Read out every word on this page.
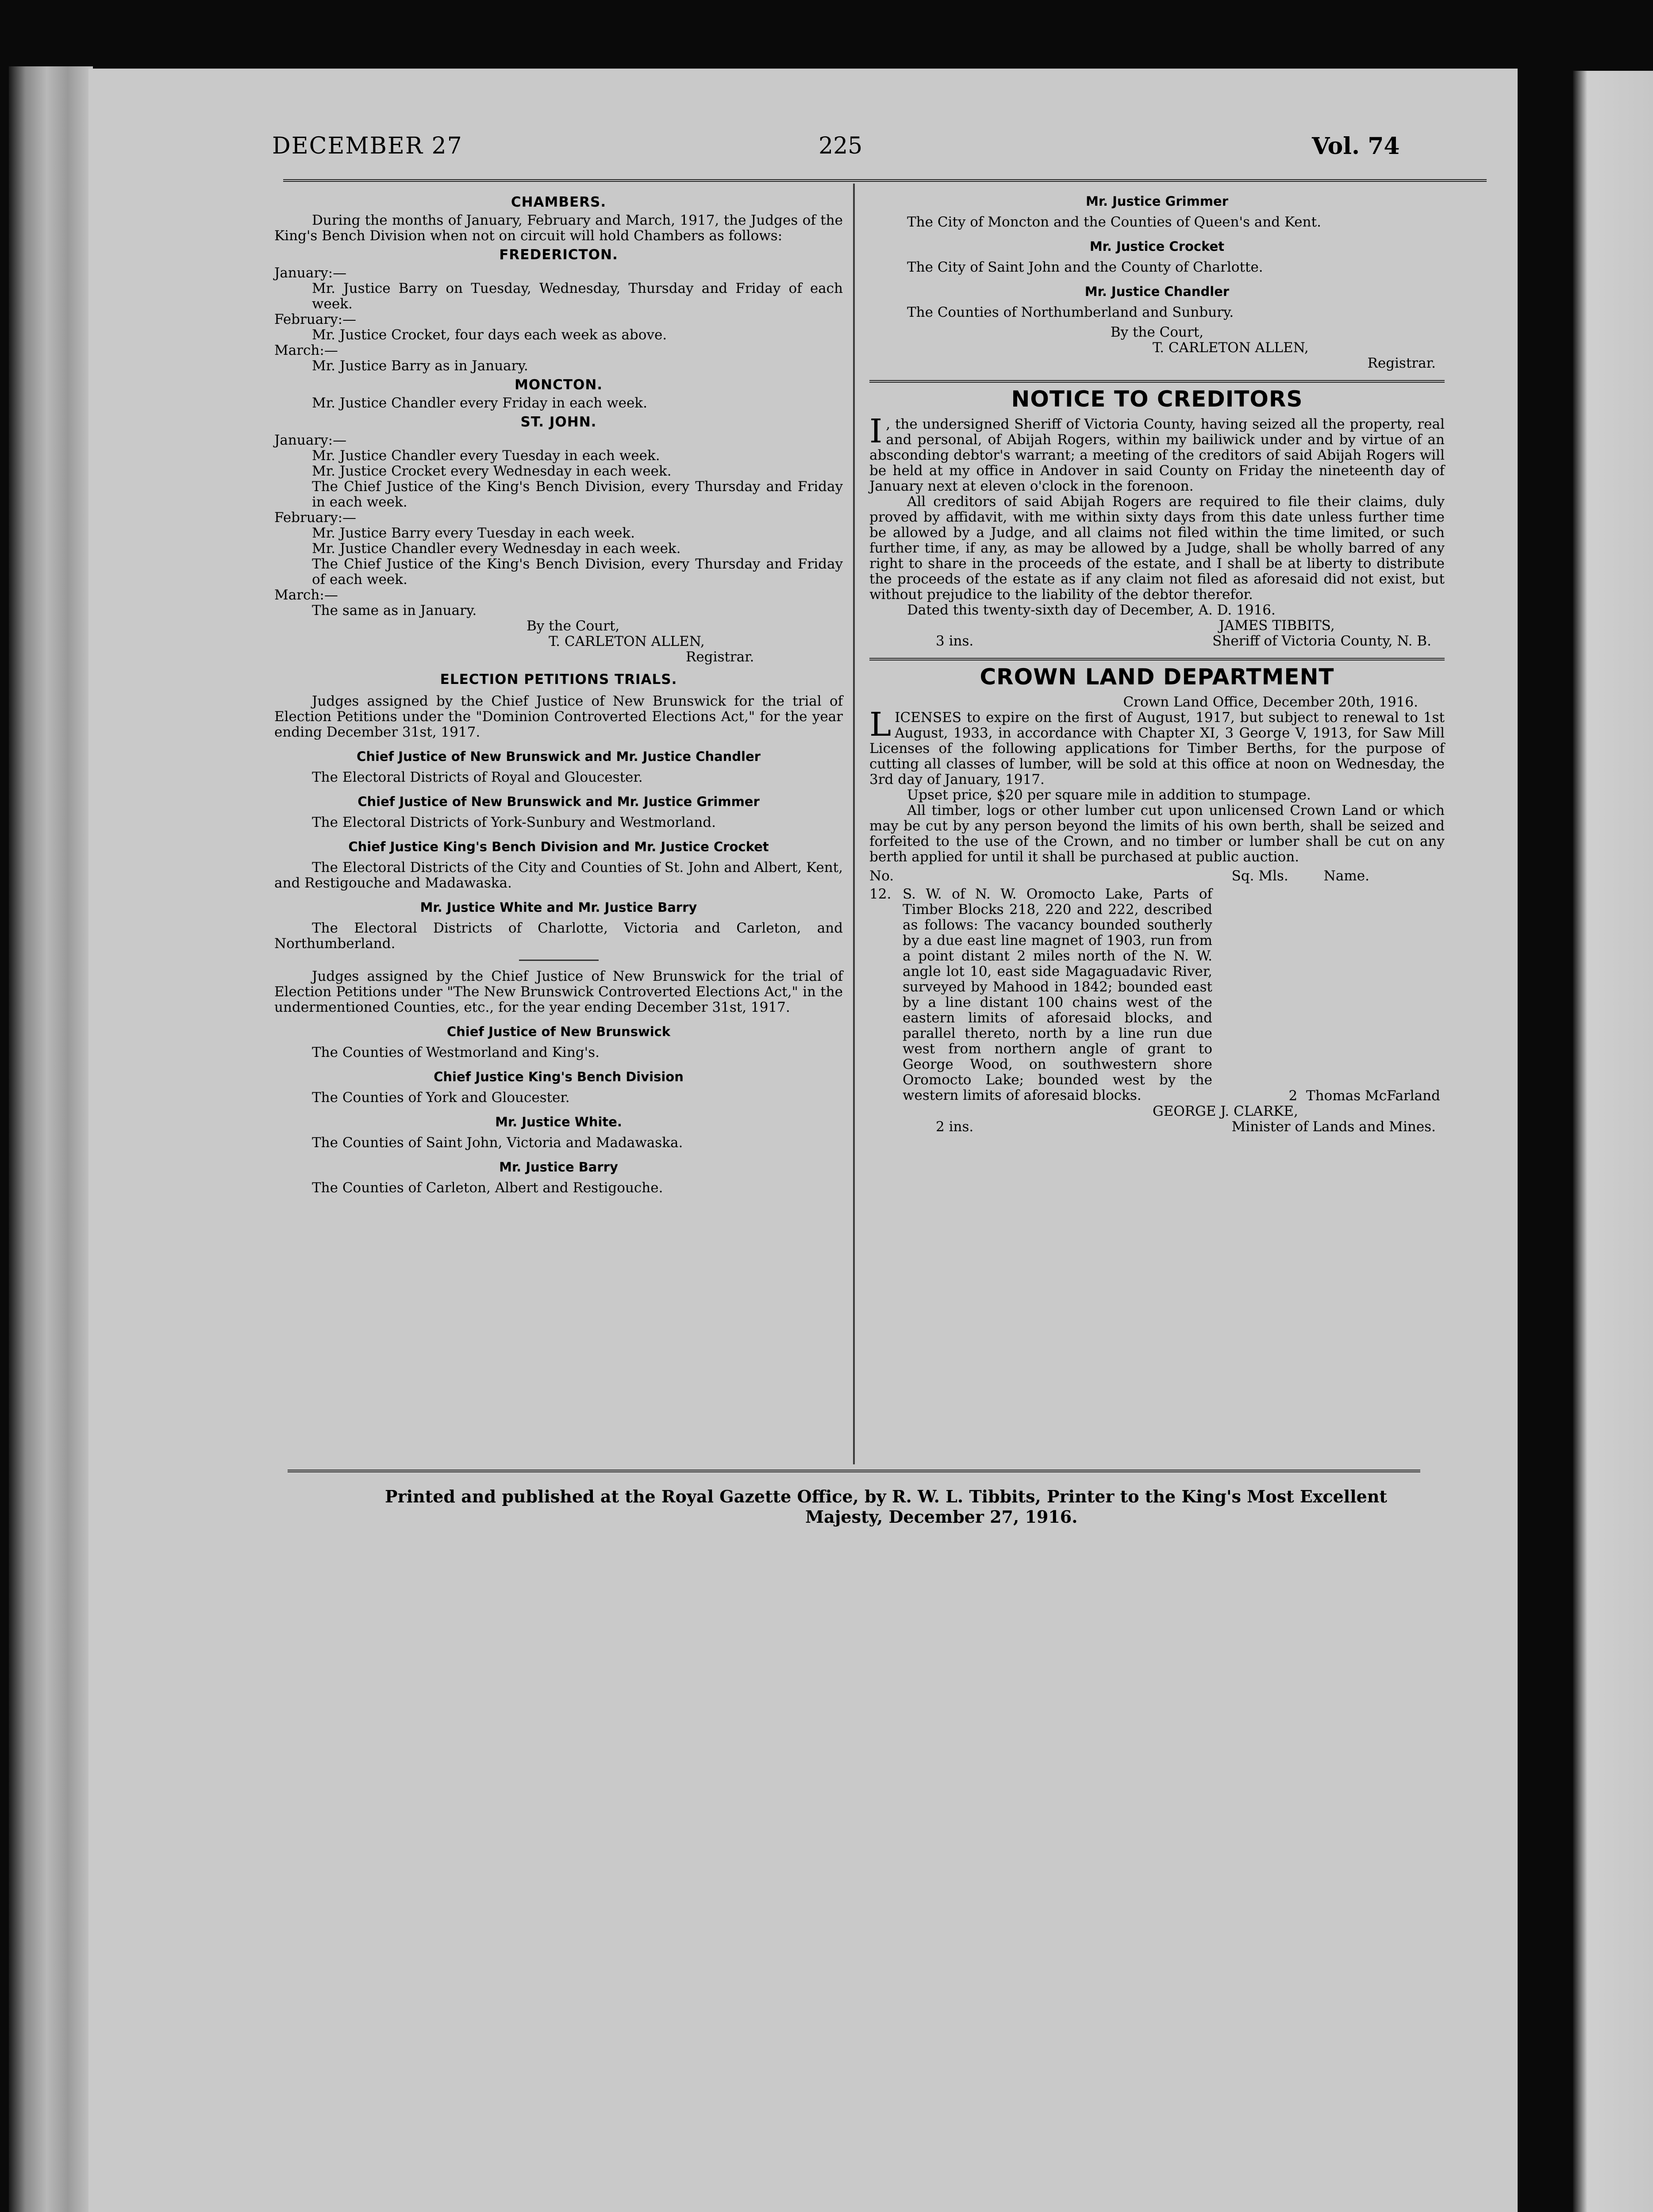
DECEMBER 27	225	Vol. 74
CHAMBERS.

During the months of January, February and March, 1917, the Judges of the King's Bench Division when not on circuit will hold Chambers as follows:

FREDERICTON.

January:—

Mr. Justice Barry on Tuesday, Wednesday, Thursday and Friday of each week.

February:—

Mr. Justice Crocket, four days each week as above.

March:—

Mr. Justice Barry as in January.

MONCTON.

Mr. Justice Chandler every Friday in each week.

ST. JOHN.

January:—

Mr. Justice Chandler every Tuesday in each week.

Mr. Justice Crocket every Wednesday in each week.

The Chief Justice of the King's Bench Division, every Thursday and Friday in each week.

February:—

Mr. Justice Barry every Tuesday in each week.

Mr. Justice Chandler every Wednesday in each week.

The Chief Justice of the King's Bench Division, every Thursday and Friday of each week.

March:—

The same as in January.

By the Court,

T. CARLETON ALLEN,

Registrar.

ELECTION PETITIONS TRIALS.

Judges assigned by the Chief Justice of New Brunswick for the trial of Election Petitions under the "Dominion Controverted Elections Act," for the year ending December 31st, 1917.

Chief Justice of New Brunswick and Mr. Justice Chandler

The Electoral Districts of Royal and Gloucester.

Chief Justice of New Brunswick and Mr. Justice Grimmer

The Electoral Districts of York-Sunbury and Westmorland.

Chief Justice King's Bench Division and Mr. Justice Crocket

The Electoral Districts of the City and Counties of St. John and Albert, Kent, and Restigouche and Madawaska.

Mr. Justice White and Mr. Justice Barry

The Electoral Districts of Charlotte, Victoria and Carleton, and Northumberland.

Judges assigned by the Chief Justice of New Brunswick for the trial of Election Petitions under "The New Brunswick Controverted Elections Act," in the undermentioned Counties, etc., for the year ending December 31st, 1917.

Chief Justice of New Brunswick

The Counties of Westmorland and King's.

Chief Justice King's Bench Division

The Counties of York and Gloucester.

Mr. Justice White.

The Counties of Saint John, Victoria and Madawaska.

Mr. Justice Barry

The Counties of Carleton, Albert and Restigouche.

Mr. Justice Grimmer

The City of Moncton and the Counties of Queen's and Kent.

Mr. Justice Crocket

The City of Saint John and the County of Charlotte.

Mr. Justice Chandler

The Counties of Northumberland and Sunbury.

By the Court,

T. CARLETON ALLEN,

Registrar.

NOTICE TO CREDITORS

I , the undersigned Sheriff of Victoria County, having seized all the property, real and personal, of Abijah Rogers, within my bailiwick under and by virtue of an absconding debtor's warrant; a meeting of the creditors of said Abijah Rogers will be held at my office in Andover in said County on Friday the nineteenth day of January next at eleven o'clock in the forenoon.

All creditors of said Abijah Rogers are required to file their claims, duly proved by affidavit, with me within sixty days from this date unless further time be allowed by a Judge, and all claims not filed within the time limited, or such further time, if any, as may be allowed by a Judge, shall be wholly barred of any right to share in the proceeds of the estate, and I shall be at liberty to distribute the proceeds of the estate as if any claim not filed as aforesaid did not exist, but without prejudice to the liability of the debtor therefor.

Dated this twenty-sixth day of December, A. D. 1916.

JAMES TIBBITS,

3 ins.	Sheriff of Victoria County, N. B.
CROWN LAND DEPARTMENT

Crown Land Office, December 20th, 1916.

LICENSES to expire on the first of August, 1917, but subject to renewal to 1st August, 1933, in accordance with Chapter XI, 3 George V, 1913, for Saw Mill Licenses of the following applications for Timber Berths, for the purpose of cutting all classes of lumber, will be sold at this office at noon on Wednesday, the 3rd day of January, 1917.

Upset price, $20 per square mile in addition to stumpage.

All timber, logs or other lumber cut upon unlicensed Crown Land or which may be cut by any person beyond the limits of his own berth, shall be seized and forfeited to the use of the Crown, and no timber or lumber shall be cut on any berth applied for until it shall be purchased at public auction.

No.	Sq. Mls.	Name.
12. S. W. of N. W. Oromocto Lake, Parts of Timber Blocks 218, 220 and 222, described as follows: The vacancy bounded southerly by a due east line magnet of 1903, run from a point distant 2 miles north of the N. W. angle lot 10, east side Magaguadavic River, surveyed by Mahood in 1842; bounded east by a line distant 100 chains west of the eastern limits of aforesaid blocks, and parallel thereto, north by a line run due west from northern angle of grant to George Wood, on southwestern shore Oromocto Lake; bounded west by the western limits of aforesaid blocks.	2 Thomas McFarland

GEORGE J. CLARKE,

2 ins.	Minister of Lands and Mines.

Printed and published at the Royal Gazette Office, by R. W. L. Tibbits, Printer to the King's Most Excellent

Majesty, December 27, 1916.
